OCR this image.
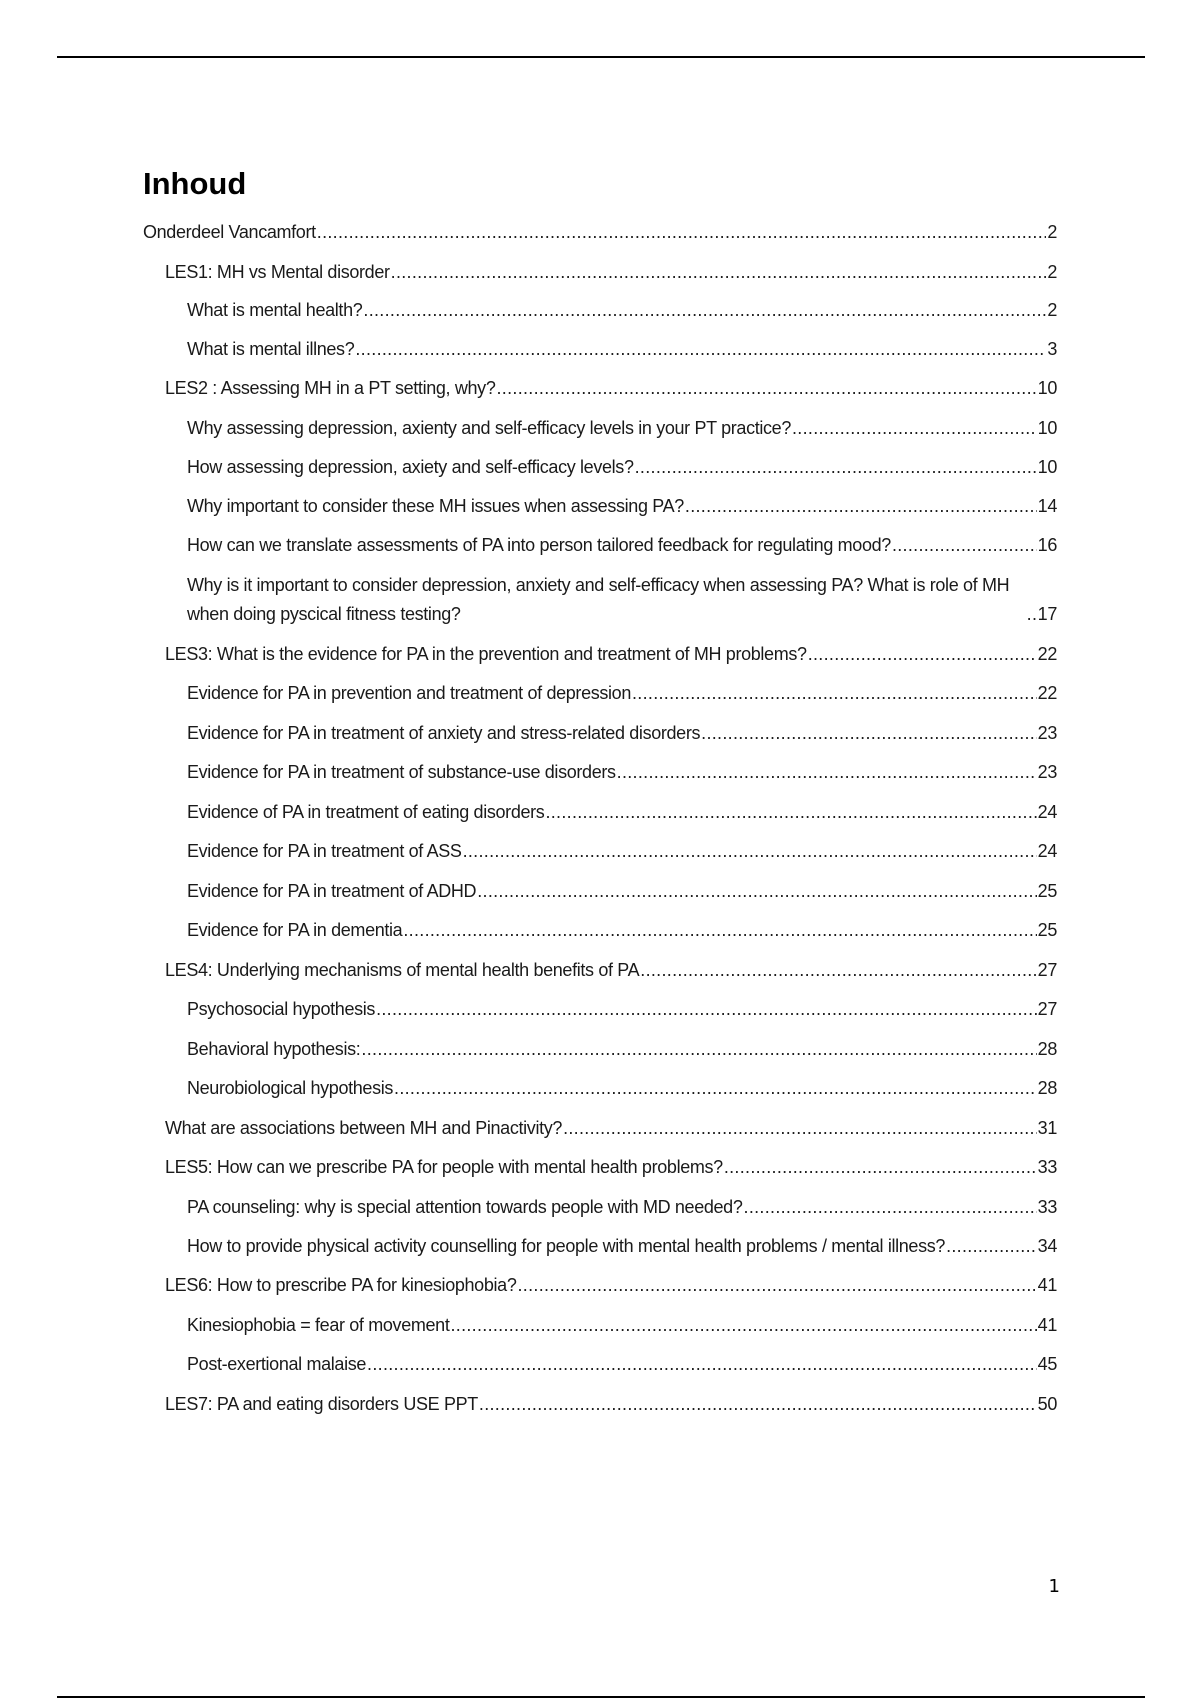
Inhoud
Onderdeel Vancamfort .....	2
LES1: MH vs Mental disorder .....	2
What is mental health? .....	2
What is mental illnes? .....	3
LES2 : Assessing MH in a PT setting, why? .....	10
Why assessing depression, axienty and self-efficacy levels in your PT practice? .....	10
How assessing depression, axiety and self-efficacy levels? .....	10
Why important to consider these MH issues when assessing PA? .....	14
How can we translate assessments of PA into person tailored feedback for regulating mood? .....	16
Why is it important to consider depression, anxiety and self-efficacy when assessing PA? What is role of MH when doing pyscical fitness testing? .....	17
LES3: What is the evidence for PA in the prevention and treatment of MH problems? .....	22
Evidence for PA in prevention and treatment of depression .....	22
Evidence for PA in treatment of anxiety and stress-related disorders .....	23
Evidence for PA in treatment of substance-use disorders .....	23
Evidence of PA in treatment of eating disorders .....	24
Evidence for PA in treatment of ASS .....	24
Evidence for PA in treatment of ADHD .....	25
Evidence for PA in dementia .....	25
LES4: Underlying mechanisms of mental health benefits of PA .....	27
Psychosocial hypothesis .....	27
Behavioral hypothesis: .....	28
Neurobiological hypothesis .....	28
What are associations between MH and Pinactivity? .....	31
LES5: How can we prescribe PA for people with mental health problems? .....	33
PA counseling: why is special attention towards people with MD needed? .....	33
How to provide physical activity counselling for people with mental health problems / mental illness? .....	34
LES6: How to prescribe PA for kinesiophobia? .....	41
Kinesiophobia = fear of movement .....	41
Post-exertional malaise .....	45
LES7: PA and eating disorders USE PPT .....	50
1
